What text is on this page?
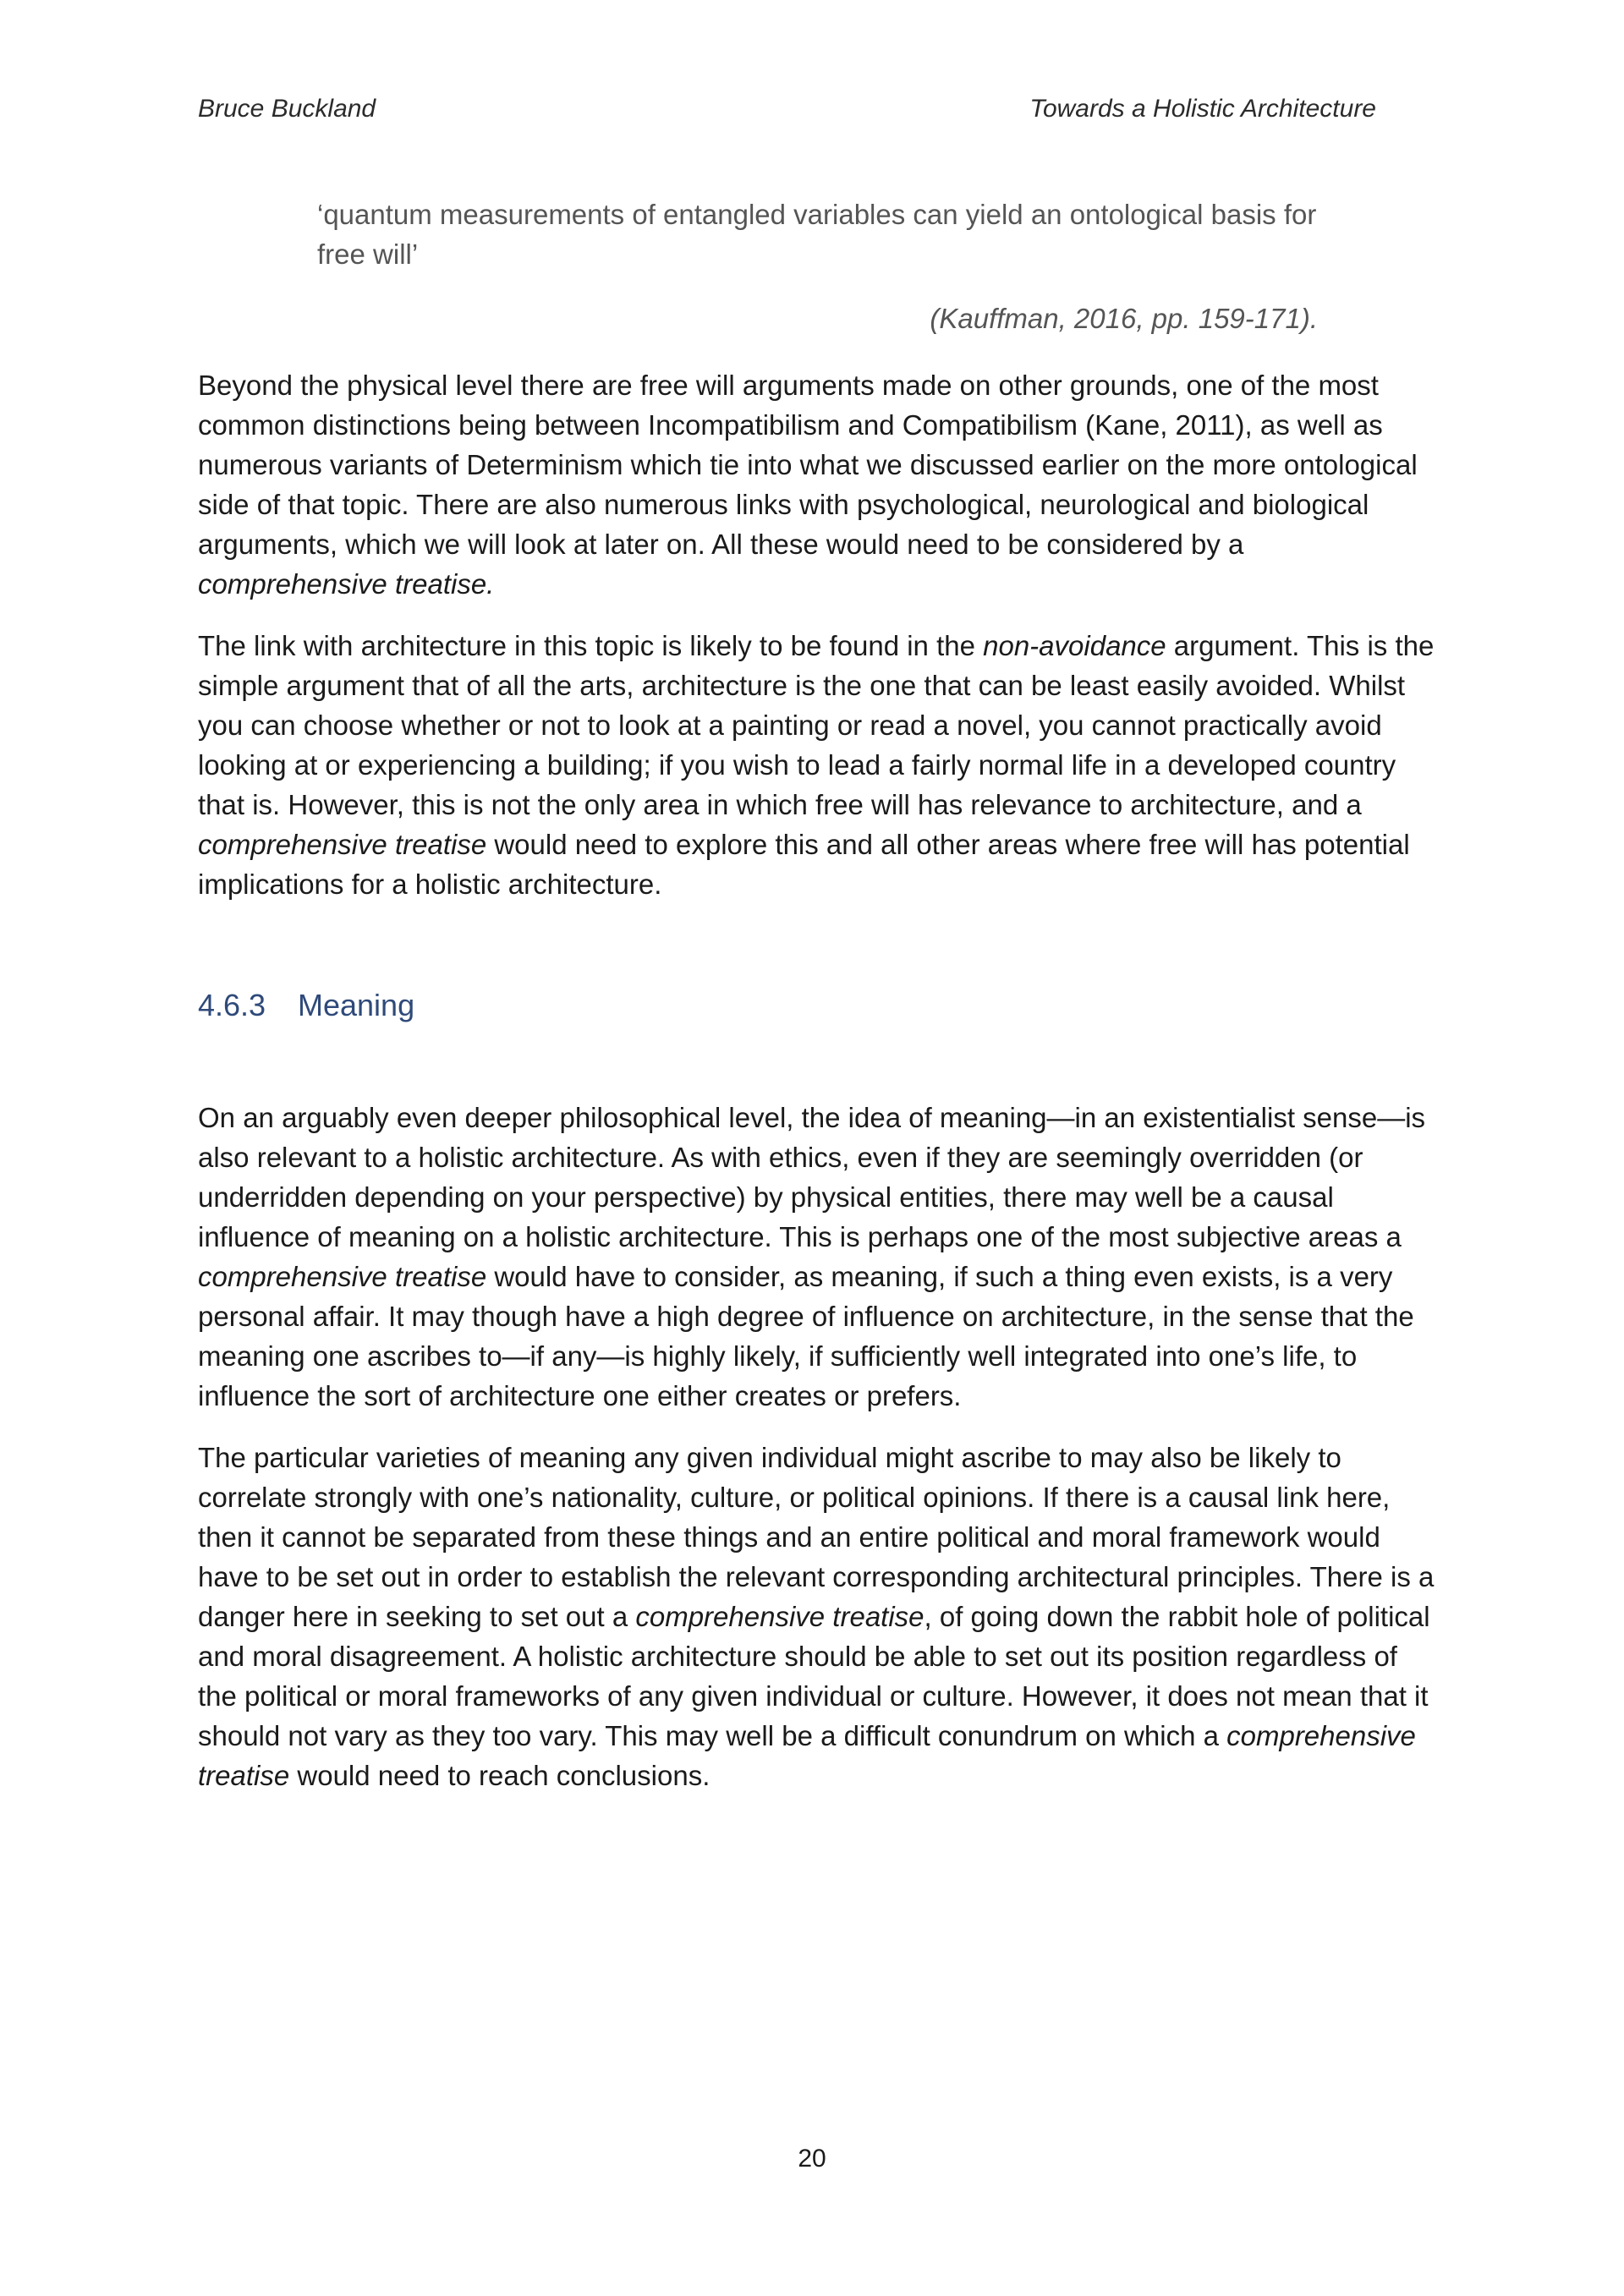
Bruce Buckland	Towards a Holistic Architecture
‘quantum measurements of entangled variables can yield an ontological basis for free will’
(Kauffman, 2016, pp. 159-171).

Beyond the physical level there are free will arguments made on other grounds, one of the most common distinctions being between Incompatibilism and Compatibilism (Kane, 2011), as well as numerous variants of Determinism which tie into what we discussed earlier on the more ontological side of that topic. There are also numerous links with psychological, neurological and biological arguments, which we will look at later on. All these would need to be considered by a comprehensive treatise.

The link with architecture in this topic is likely to be found in the non-avoidance argument. This is the simple argument that of all the arts, architecture is the one that can be least easily avoided. Whilst you can choose whether or not to look at a painting or read a novel, you cannot practically avoid looking at or experiencing a building; if you wish to lead a fairly normal life in a developed country that is. However, this is not the only area in which free will has relevance to architecture, and a comprehensive treatise would need to explore this and all other areas where free will has potential implications for a holistic architecture.

4.6.3 Meaning

On an arguably even deeper philosophical level, the idea of meaning—in an existentialist sense—is also relevant to a holistic architecture. As with ethics, even if they are seemingly overridden (or underridden depending on your perspective) by physical entities, there may well be a causal influence of meaning on a holistic architecture. This is perhaps one of the most subjective areas a comprehensive treatise would have to consider, as meaning, if such a thing even exists, is a very personal affair. It may though have a high degree of influence on architecture, in the sense that the meaning one ascribes to—if any—is highly likely, if sufficiently well integrated into one’s life, to influence the sort of architecture one either creates or prefers.

The particular varieties of meaning any given individual might ascribe to may also be likely to correlate strongly with one’s nationality, culture, or political opinions. If there is a causal link here, then it cannot be separated from these things and an entire political and moral framework would have to be set out in order to establish the relevant corresponding architectural principles. There is a danger here in seeking to set out a comprehensive treatise, of going down the rabbit hole of political and moral disagreement. A holistic architecture should be able to set out its position regardless of the political or moral frameworks of any given individual or culture. However, it does not mean that it should not vary as they too vary. This may well be a difficult conundrum on which a comprehensive treatise would need to reach conclusions.

20
